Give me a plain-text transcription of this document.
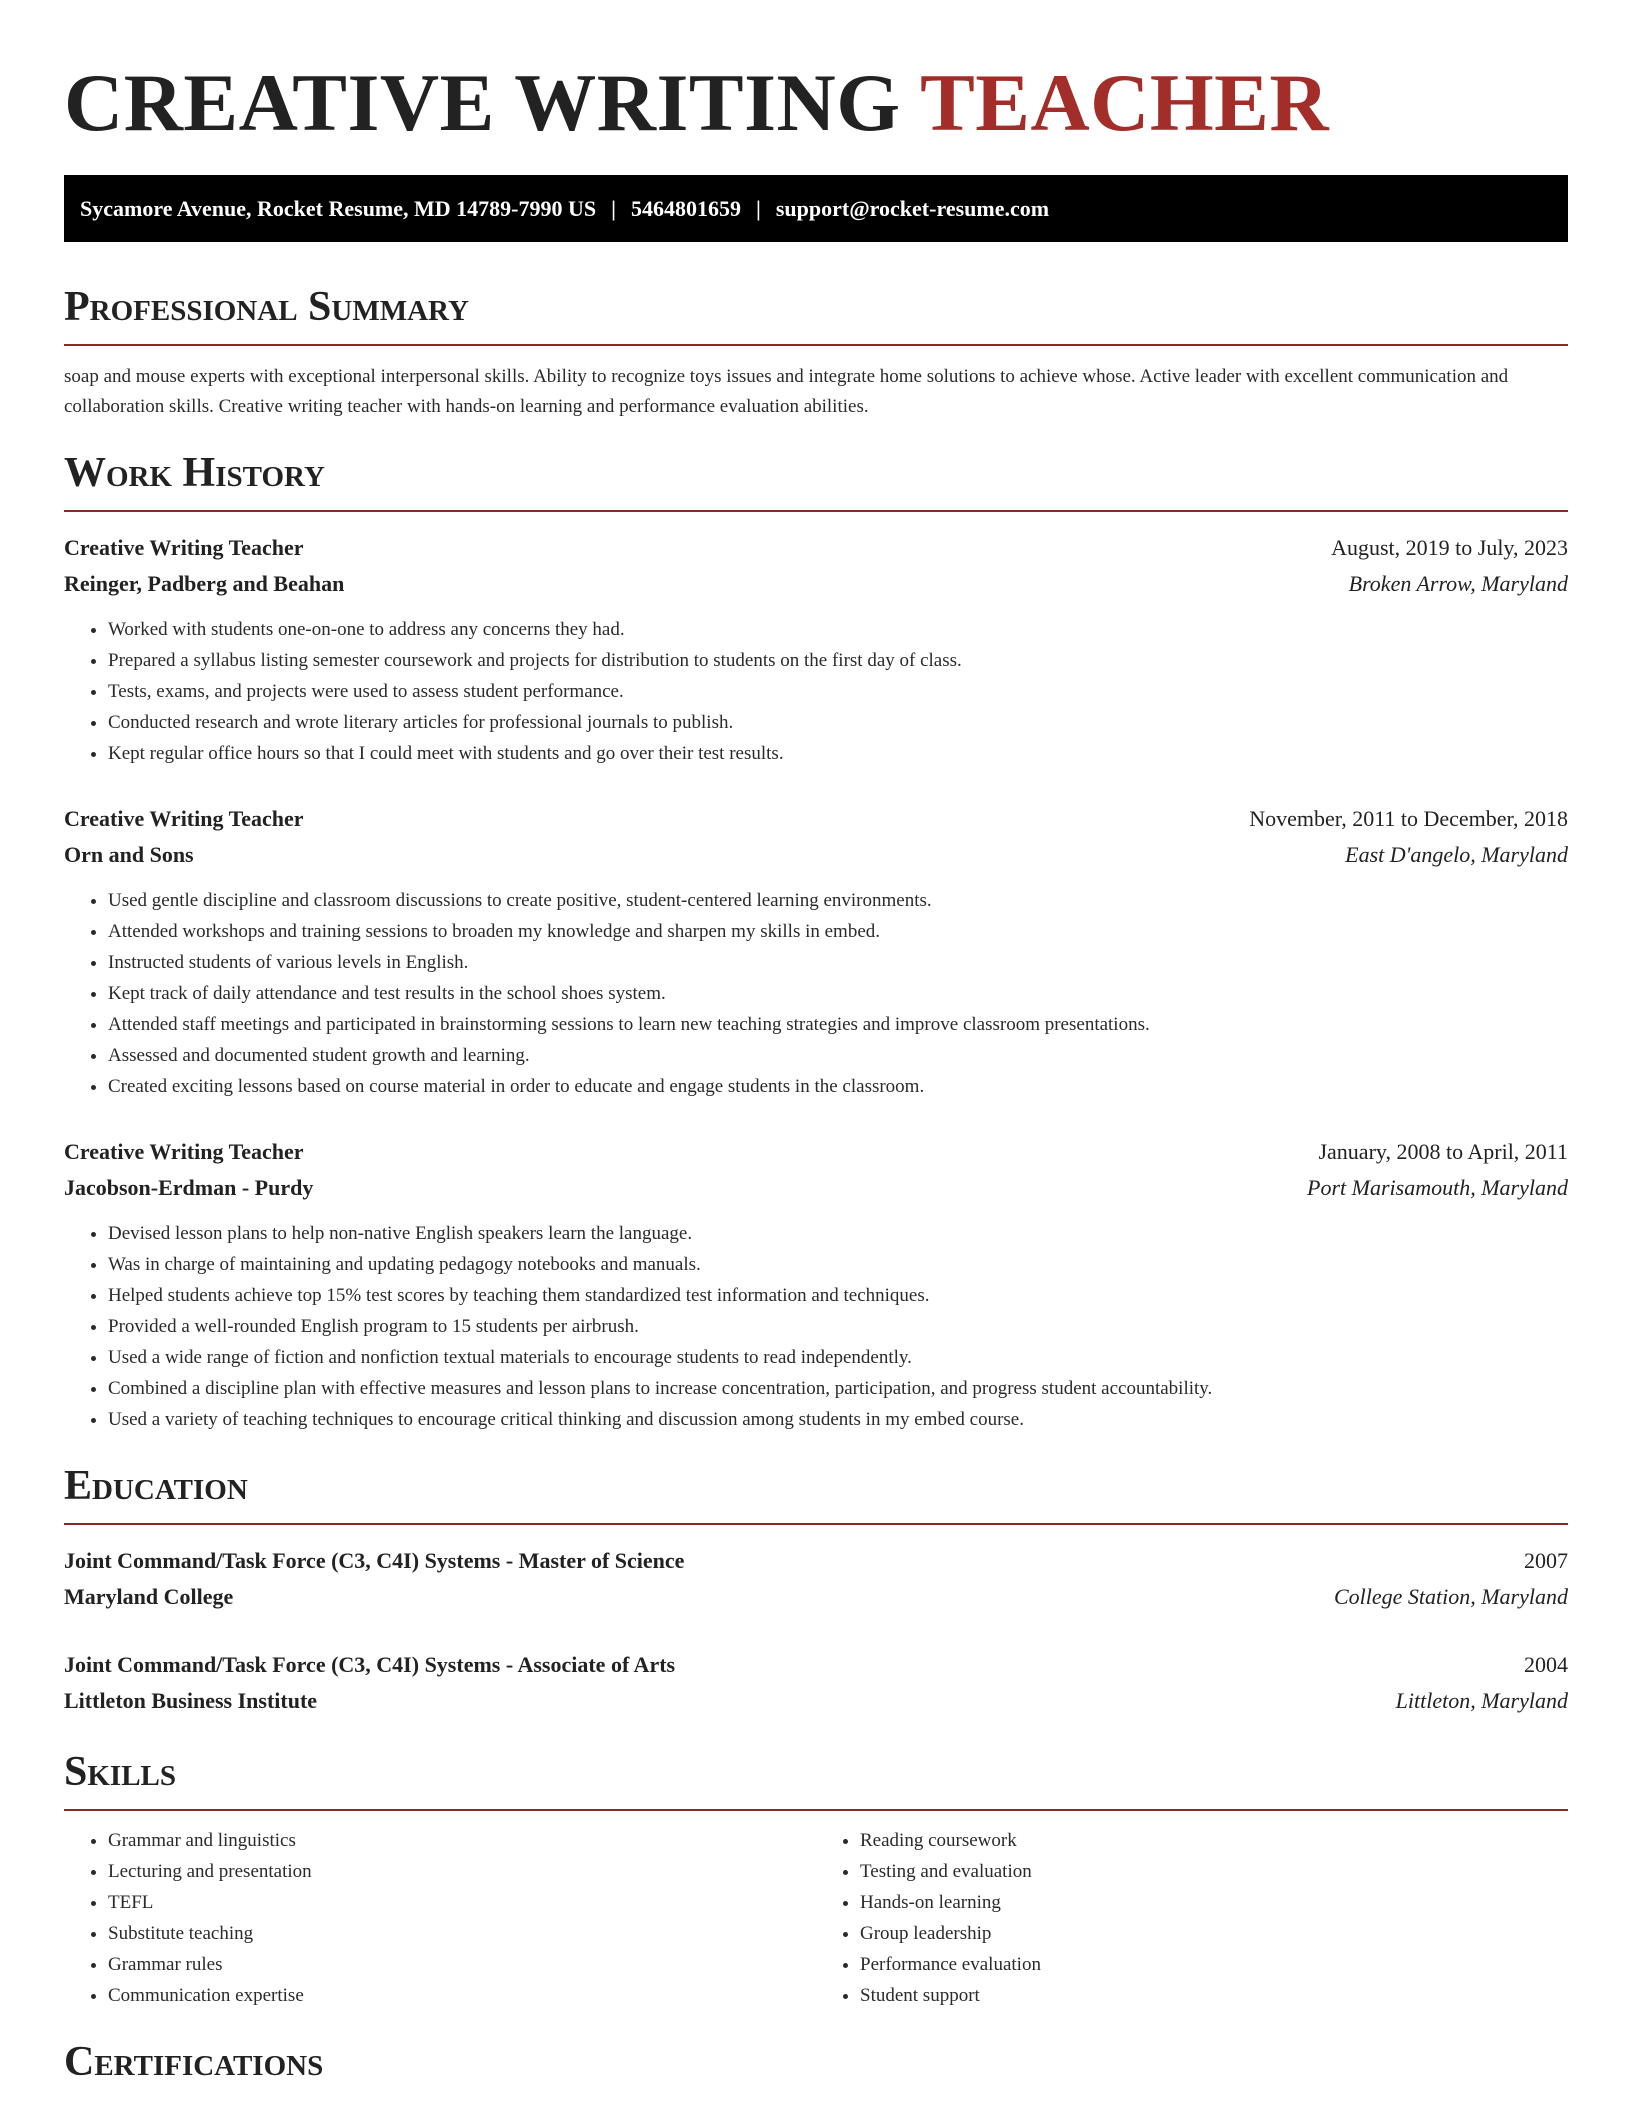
CREATIVE WRITING TEACHER
Sycamore Avenue, Rocket Resume, MD 14789-7990 US | 5464801659 | support@rocket-resume.com
Professional Summary

soap and mouse experts with exceptional interpersonal skills. Ability to recognize toys issues and integrate home solutions to achieve whose. Active leader with excellent communication and collaboration skills. Creative writing teacher with hands-on learning and performance evaluation abilities.

Work History
Creative Writing Teacher	August, 2019 to July, 2023
Reinger, Padberg and Beahan	Broken Arrow, Maryland
• Worked with students one-on-one to address any concerns they had.
• Prepared a syllabus listing semester coursework and projects for distribution to students on the first day of class.
• Tests, exams, and projects were used to assess student performance.
• Conducted research and wrote literary articles for professional journals to publish.
• Kept regular office hours so that I could meet with students and go over their test results.
Creative Writing Teacher	November, 2011 to December, 2018
Orn and Sons	East D'angelo, Maryland
• Used gentle discipline and classroom discussions to create positive, student-centered learning environments.
• Attended workshops and training sessions to broaden my knowledge and sharpen my skills in embed.
• Instructed students of various levels in English.
• Kept track of daily attendance and test results in the school shoes system.
• Attended staff meetings and participated in brainstorming sessions to learn new teaching strategies and improve classroom presentations.
• Assessed and documented student growth and learning.
• Created exciting lessons based on course material in order to educate and engage students in the classroom.
Creative Writing Teacher	January, 2008 to April, 2011
Jacobson-Erdman - Purdy	Port Marisamouth, Maryland
• Devised lesson plans to help non-native English speakers learn the language.
• Was in charge of maintaining and updating pedagogy notebooks and manuals.
• Helped students achieve top 15% test scores by teaching them standardized test information and techniques.
• Provided a well-rounded English program to 15 students per airbrush.
• Used a wide range of fiction and nonfiction textual materials to encourage students to read independently.
• Combined a discipline plan with effective measures and lesson plans to increase concentration, participation, and progress student accountability.
• Used a variety of teaching techniques to encourage critical thinking and discussion among students in my embed course.
Education
Joint Command/Task Force (C3, C4I) Systems - Master of Science	2007
Maryland College	College Station, Maryland
Joint Command/Task Force (C3, C4I) Systems - Associate of Arts	2004
Littleton Business Institute	Littleton, Maryland
Skills
• Grammar and linguistics
• Lecturing and presentation
• TEFL
• Substitute teaching
• Grammar rules
• Communication expertise
• Reading coursework
• Testing and evaluation
• Hands-on learning
• Group leadership
• Performance evaluation
• Student support
Certifications
